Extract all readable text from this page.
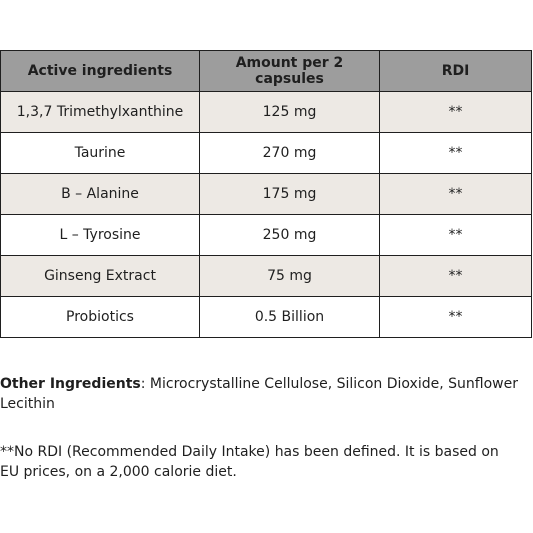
Active ingredients	Amount per 2 capsules	RDI
1,3,7 Trimethylxanthine	125 mg	**
Taurine	270 mg	**
B – Alanine	175 mg	**
L – Tyrosine	250 mg	**
Ginseng Extract	75 mg	**
Probiotics	0.5 Billion	**
Other Ingredients: Microcrystalline Cellulose, Silicon Dioxide, Sunflower Lecithin
**No RDI (Recommended Daily Intake) has been defined. It is based on EU prices, on a 2,000 calorie diet.
